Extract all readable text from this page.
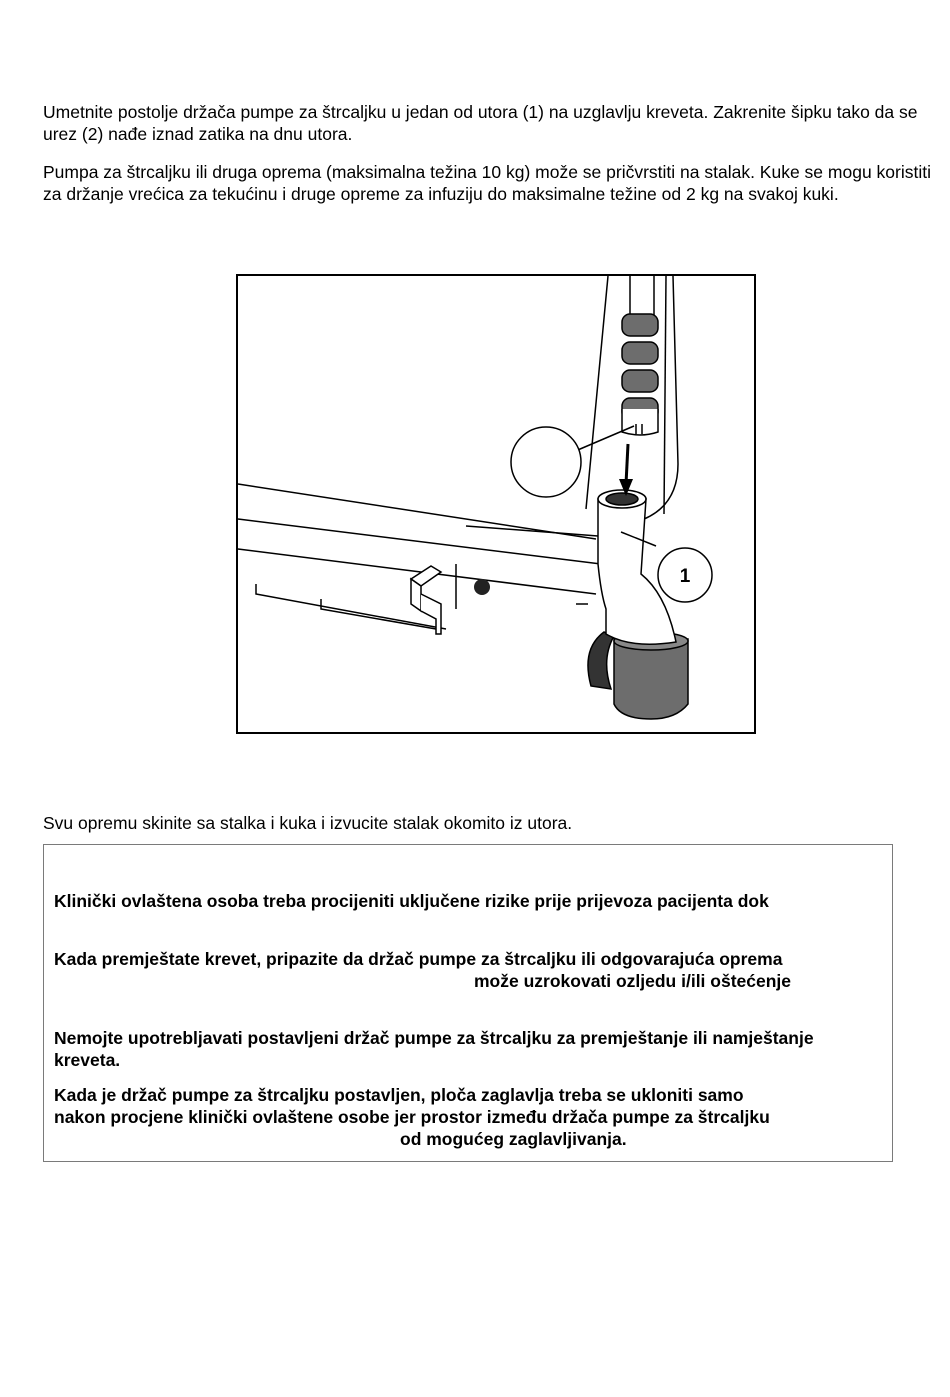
Umetnite postolje držača pumpe za štrcaljku u jedan od utora (1) na uzglavlju kreveta. Zakrenite šipku tako da se urez (2) nađe iznad zatika na dnu utora.

Pumpa za štrcaljku ili druga oprema (maksimalna težina 10 kg) može se pričvrstiti na stalak. Kuke se mogu koristiti za držanje vrećica za tekućinu i druge opreme za infuziju do maksimalne težine od 2 kg na svakoj kuki.

1

Svu opremu skinite sa stalka i kuka i izvucite stalak okomito iz utora.

Klinički ovlaštena osoba treba procijeniti uključene rizike prije prijevoza pacijenta dok

Kada premještate krevet, pripazite da držač pumpe za štrcaljku ili odgovarajuća oprema
može uzrokovati ozljedu i/ili oštećenje

Nemojte upotrebljavati postavljeni držač pumpe za štrcaljku za premještanje ili namještanje kreveta.

Kada je držač pumpe za štrcaljku postavljen, ploča zaglavlja treba se ukloniti samo
nakon procjene klinički ovlaštene osobe jer prostor između držača pumpe za štrcaljku
od mogućeg zaglavljivanja.
